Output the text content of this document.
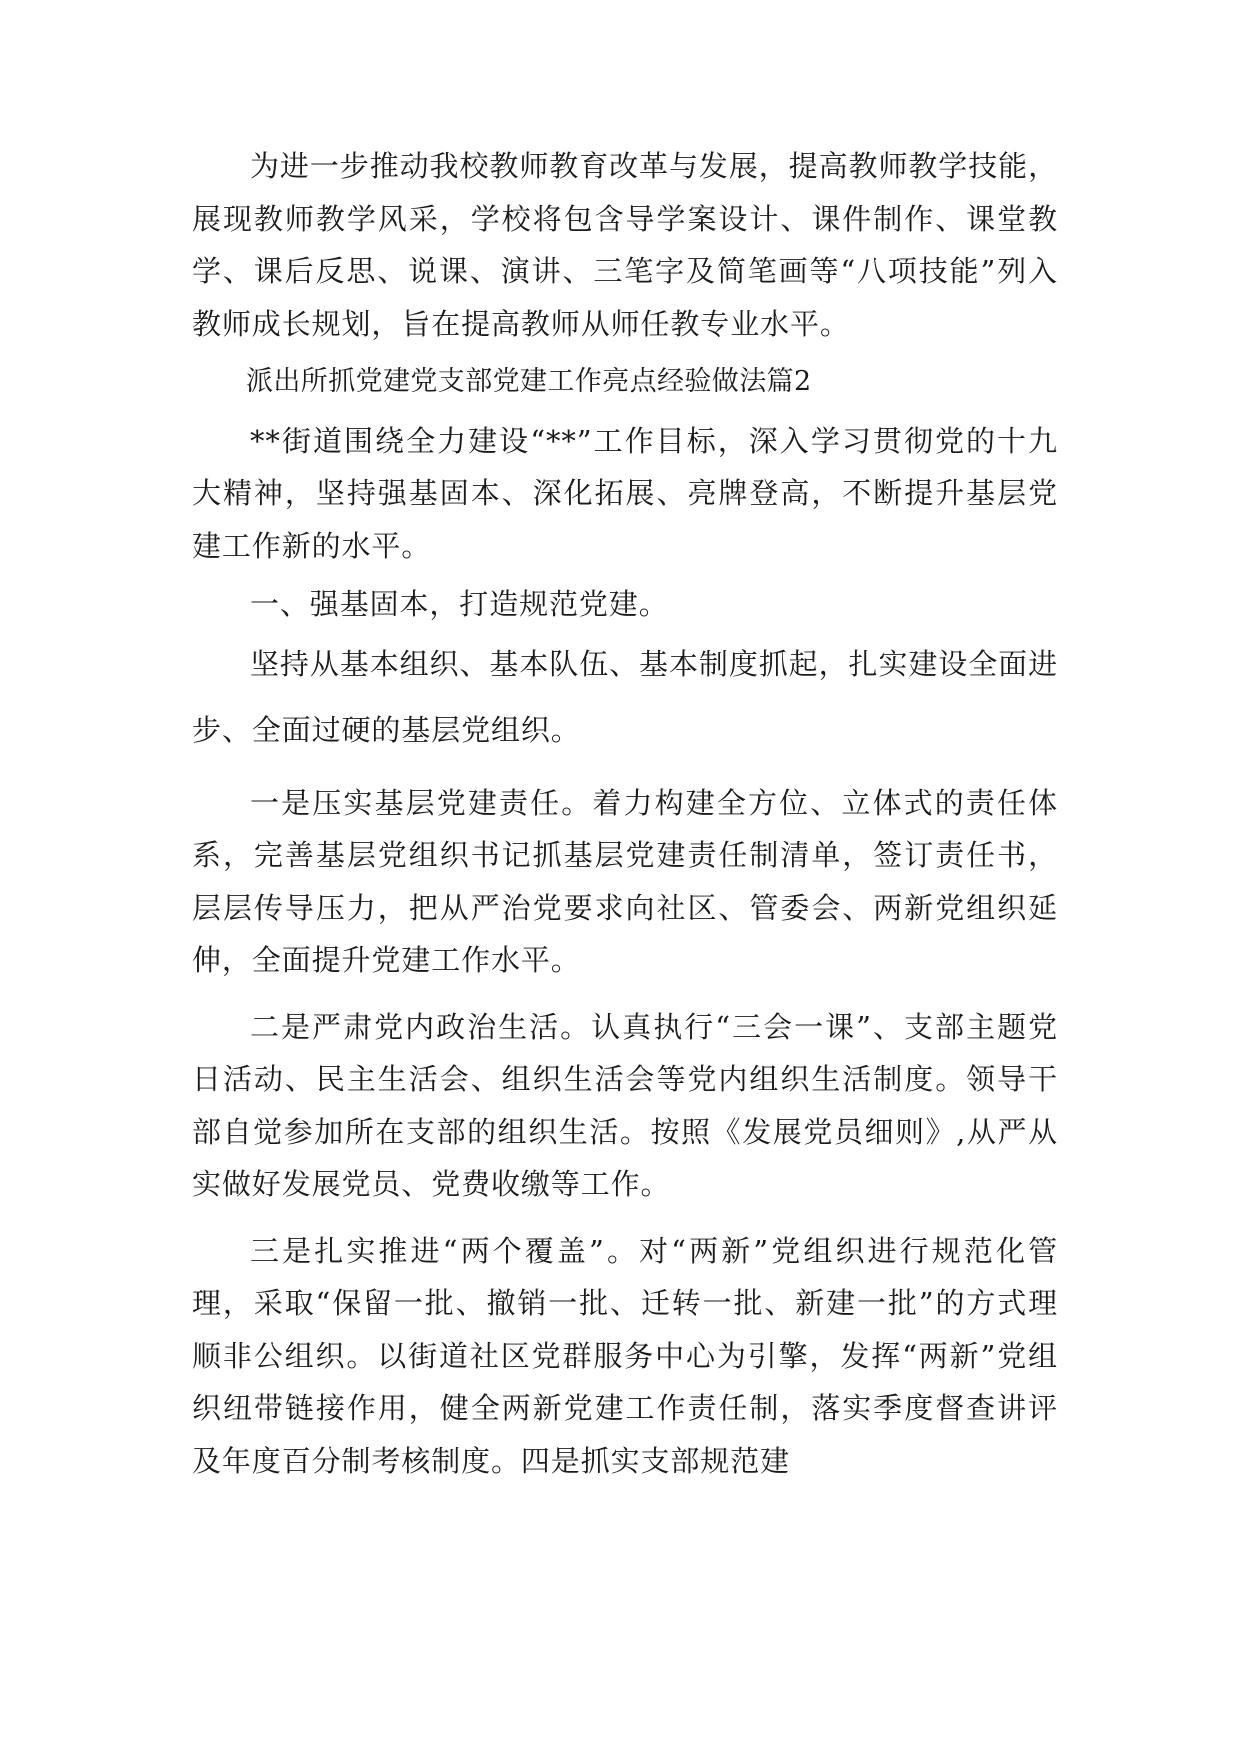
为进一步推动我校教师教育改革与发展，提高教师教学技能，展现教师教学风采，学校将包含导学案设计、课件制作、课堂教学、课后反思、说课、演讲、三笔字及简笔画等“八项技能”列入教师成长规划，旨在提高教师从师任教专业水平。

派出所抓党建党支部党建工作亮点经验做法篇2

**街道围绕全力建设“**”工作目标，深入学习贯彻党的十九大精神，坚持强基固本、深化拓展、亮牌登高，不断提升基层党建工作新的水平。

一、强基固本，打造规范党建。

坚持从基本组织、基本队伍、基本制度抓起，扎实建设全面进步、全面过硬的基层党组织。

一是压实基层党建责任。着力构建全方位、立体式的责任体系，完善基层党组织书记抓基层党建责任制清单，签订责任书，层层传导压力，把从严治党要求向社区、管委会、两新党组织延伸，全面提升党建工作水平。

二是严肃党内政治生活。认真执行“三会一课”、支部主题党日活动、民主生活会、组织生活会等党内组织生活制度。领导干部自觉参加所在支部的组织生活。按照《发展党员细则》,从严从实做好发展党员、党费收缴等工作。

三是扎实推进“两个覆盖”。对“两新”党组织进行规范化管理，采取“保留一批、撤销一批、迁转一批、新建一批”的方式理顺非公组织。以街道社区党群服务中心为引擎，发挥“两新”党组织纽带链接作用，健全两新党建工作责任制，落实季度督查讲评及年度百分制考核制度。四是抓实支部规范建
